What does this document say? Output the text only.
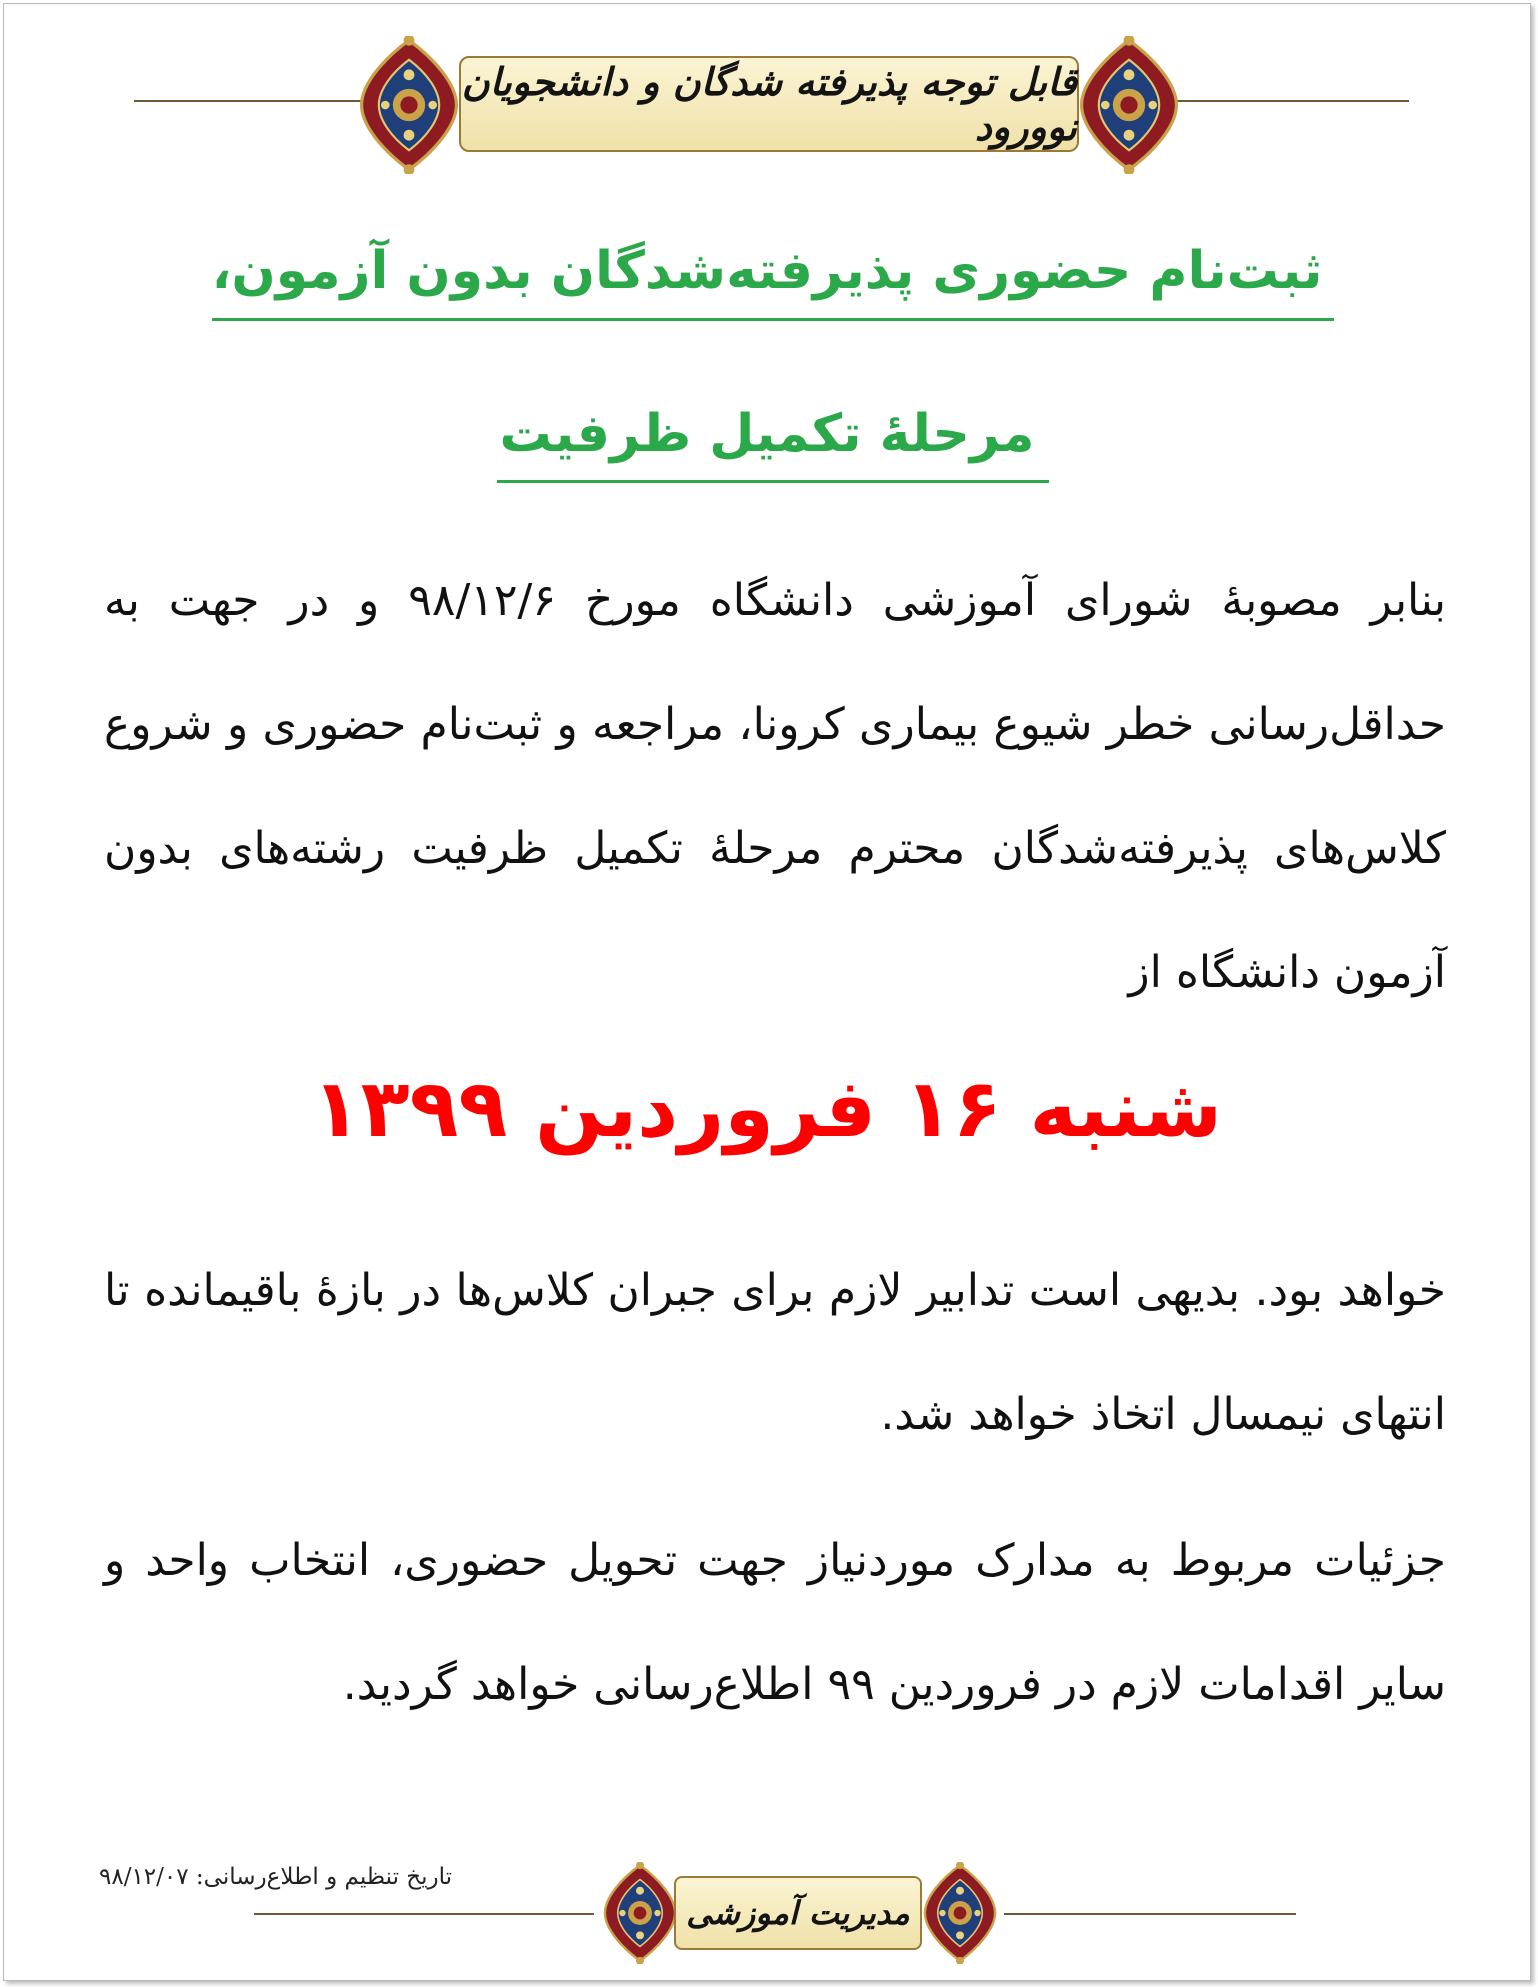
قابل توجه پذیرفته شدگان و دانشجویان نوورود
ثبت‌نام حضوری پذیرفته‌شدگان بدون آزمون،
مرحلۀ تکمیل ظرفیت
بنابر مصوبۀ شورای آموزشی دانشگاه مورخ ۹۸/۱۲/۶ و در جهت به حداقل‌رسانی خطر شیوع بیماری کرونا، مراجعه و ثبت‌نام حضوری و شروع کلاس‌های پذیرفته‌شدگان محترم مرحلۀ تکمیل ظرفیت رشته‌های بدون آزمون دانشگاه از
شنبه ۱۶ فروردین ۱۳۹۹
خواهد بود. بدیهی است تدابیر لازم برای جبران کلاس‌ها در بازۀ باقیمانده تا انتهای نیمسال اتخاذ خواهد شد.
جزئیات مربوط به مدارک موردنیاز جهت تحویل حضوری، انتخاب واحد و سایر اقدامات لازم در فروردین ۹۹ اطلاع‌رسانی خواهد گردید.
تاریخ تنظیم و اطلاع‌رسانی: ۹۸/۱۲/۰۷
مدیریت آموزشی
